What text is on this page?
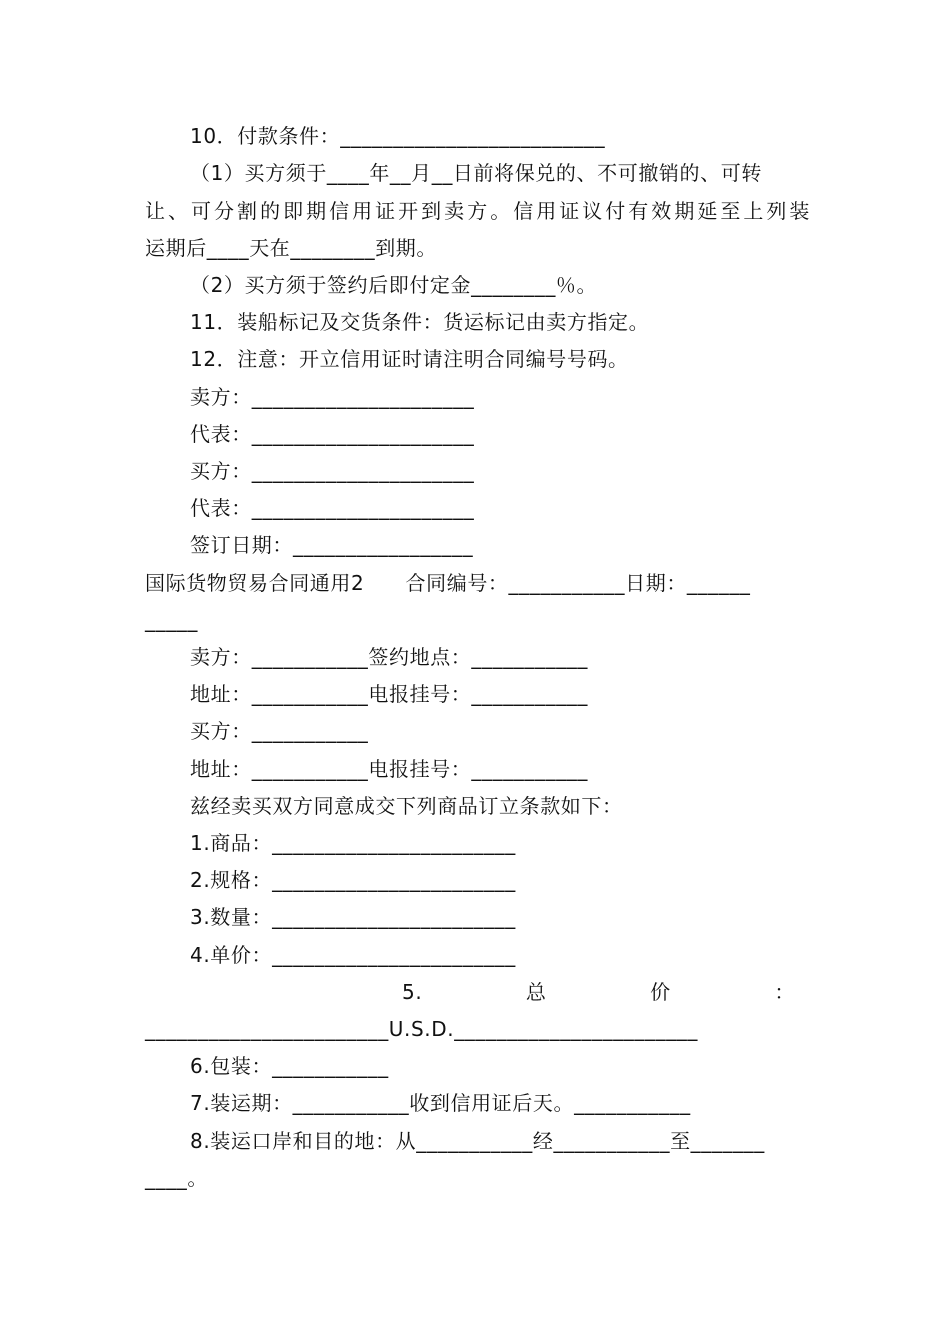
10．付款条件：_________________________
（1）买方须于____年__月__日前将保兑的、不可撤销的、可转
让、可分割的即期信用证开到卖方。信用证议付有效期延至上列装
运期后____天在________到期。
（2）买方须于签约后即付定金________％。
11．装船标记及交货条件：货运标记由卖方指定。
12．注意：开立信用证时请注明合同编号号码。
卖方：_____________________
代表：_____________________
买方：_____________________
代表：_____________________
签订日期：_________________
国际货物贸易合同通用2　　合同编号：___________日期：______
_____
卖方：___________签约地点：___________
地址：___________电报挂号：___________
买方：___________
地址：___________电报挂号：___________
兹经卖买双方同意成交下列商品订立条款如下：
1.商品：_______________________
2.规格：_______________________
3.数量：_______________________
4.单价：_______________________
5.	总	价	：
_______________________U.S.D._______________________
6.包装：___________
7.装运期：___________收到信用证后天。___________
8.装运口岸和目的地：从___________经___________至_______
____。
